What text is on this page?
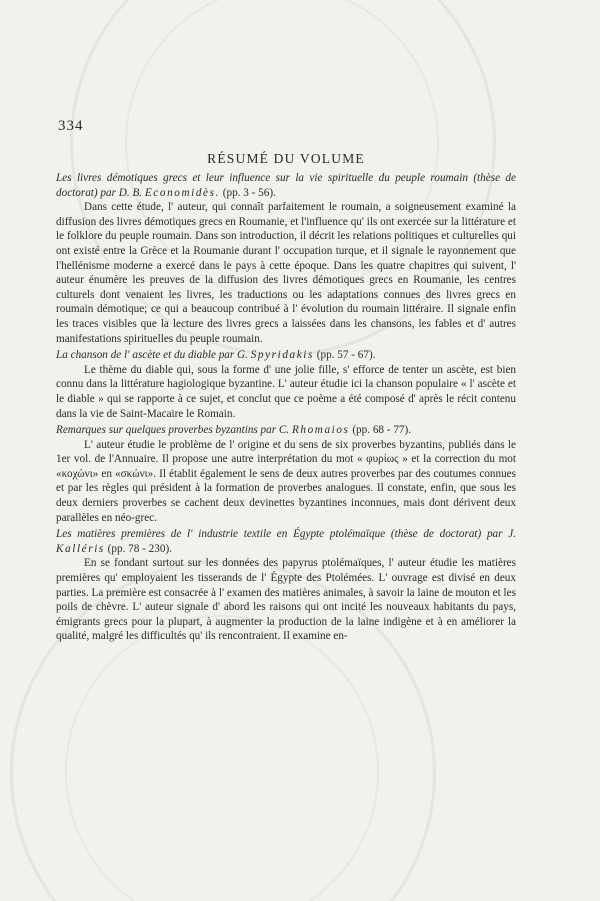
334
RÉSUMÉ DU VOLUME

Les livres démotiques grecs et leur influence sur la vie spirituelle du peuple roumain (thèse de doctorat) par D. B. Economidès. (pp. 3 - 56).

Dans cette étude, l' auteur, qui connaît parfaitement le roumain, a soigneusement examiné la diffusion des livres démotiques grecs en Roumanie, et l'influence qu' ils ont exercée sur la littérature et le folklore du peuple roumain. Dans son introduction, il décrit les relations politiques et culturelles qui ont existé entre la Grèce et la Roumanie durant l' occupation turque, et il signale le rayonnement que l'hellénisme moderne a exercé dans le pays à cette époque. Dans les quatre chapitres qui suivent, l' auteur énumère les preuves de la diffusion des livres démotiques grecs en Roumanie, les centres culturels dont venaient les livres, les traductions ou les adaptations connues des livres grecs en roumain démotique; ce qui a beaucoup contribué à l' évolution du roumain littéraire. Il signale enfin les traces visibles que la lecture des livres grecs a laissées dans les chansons, les fables et d' autres manifestations spirituelles du peuple roumain.

La chanson de l' ascète et du diable par G. Spyridakis (pp. 57 - 67).

Le thème du diable qui, sous la forme d' une jolie fille, s' efforce de tenter un ascète, est bien connu dans la littérature hagiologique byzantine. L' auteur étudie ici la chanson populaire « l' ascète et le diable » qui se rapporte à ce sujet, et conclut que ce poème a été composé d' après le récit contenu dans la vie de Saint-Macaire le Romain.

Remarques sur quelques proverbes byzantins par C. Rhomaios (pp. 68 - 77).

L' auteur étudie le problème de l' origine et du sens de six proverbes byzantins, publiés dans le 1er vol. de l'Annuaire. Il propose une autre interprétation du mot « φυρίως » et la correction du mot «κοχώνι» en «σκώνι». Il établit également le sens de deux autres proverbes par des coutumes connues et par les règles qui président à la formation de proverbes analogues. Il constate, enfin, que sous les deux derniers proverbes se cachent deux devinettes byzantines inconnues, mais dont dérivent deux parallèles en néo-grec.

Les matières premières de l' industrie textile en Égypte ptolémaïque (thèse de doctorat) par J. Kalléris (pp. 78 - 230).

En se fondant surtout sur les données des papyrus ptolémaïques, l' auteur étudie les matières premières qu' employaient les tisserands de l' Égypte des Ptolémées. L' ouvrage est divisé en deux parties. La première est consacrée à l' examen des matières animales, à savoir la laine de mouton et les poils de chèvre. L' auteur signale d' abord les raisons qui ont incité les nouveaux habitants du pays, émigrants grecs pour la plupart, à augmenter la production de la laine indigène et à en améliorer la qualité, malgré les difficultés qu' ils rencontraient. Il examine en-
